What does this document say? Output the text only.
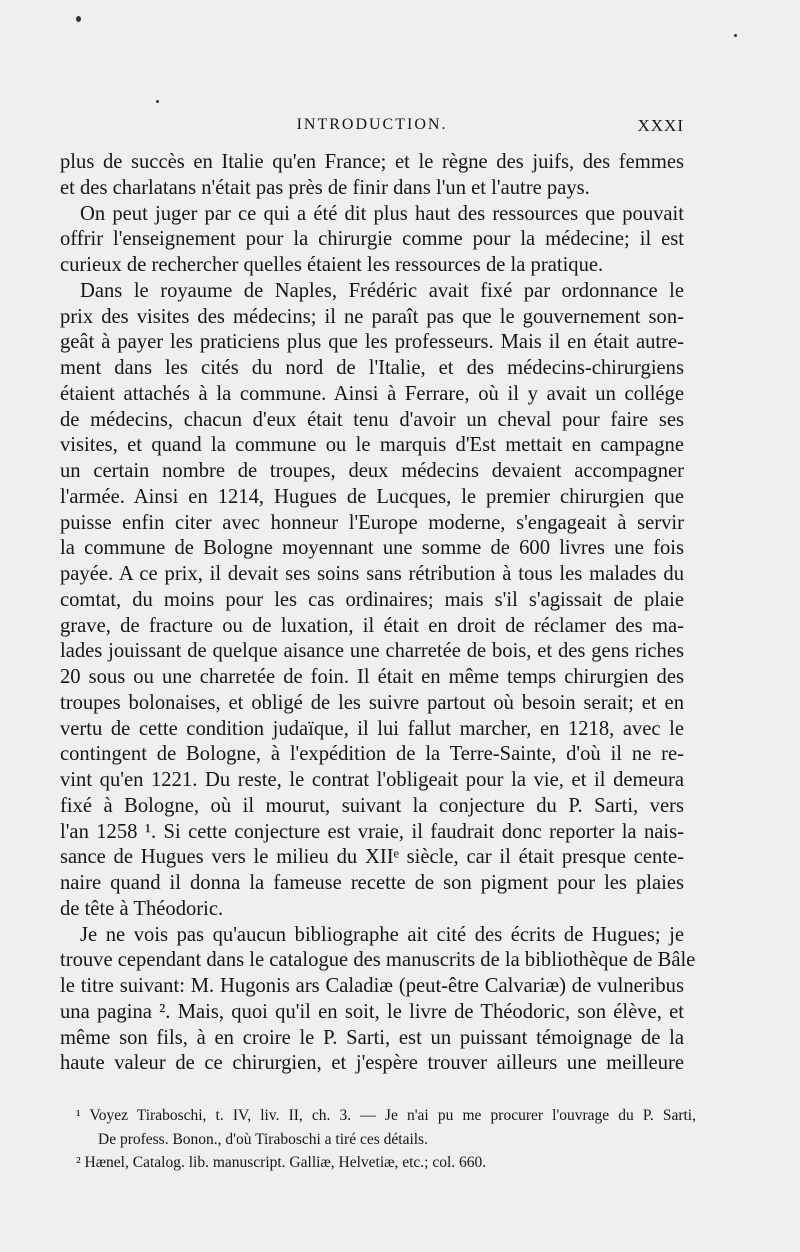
INTRODUCTION.	XXXI
plus de succès en Italie qu'en France; et le règne des juifs, des femmes
et des charlatans n'était pas près de finir dans l'un et l'autre pays.
On peut juger par ce qui a été dit plus haut des ressources que pouvait
offrir l'enseignement pour la chirurgie comme pour la médecine; il est
curieux de rechercher quelles étaient les ressources de la pratique.
Dans le royaume de Naples, Frédéric avait fixé par ordonnance le
prix des visites des médecins; il ne paraît pas que le gouvernement son-
geât à payer les praticiens plus que les professeurs. Mais il en était autre-
ment dans les cités du nord de l'Italie, et des médecins-chirurgiens
étaient attachés à la commune. Ainsi à Ferrare, où il y avait un collége
de médecins, chacun d'eux était tenu d'avoir un cheval pour faire ses
visites, et quand la commune ou le marquis d'Est mettait en campagne
un certain nombre de troupes, deux médecins devaient accompagner
l'armée. Ainsi en 1214, Hugues de Lucques, le premier chirurgien que
puisse enfin citer avec honneur l'Europe moderne, s'engageait à servir
la commune de Bologne moyennant une somme de 600 livres une fois
payée. A ce prix, il devait ses soins sans rétribution à tous les malades du
comtat, du moins pour les cas ordinaires; mais s'il s'agissait de plaie
grave, de fracture ou de luxation, il était en droit de réclamer des ma-
lades jouissant de quelque aisance une charretée de bois, et des gens riches
20 sous ou une charretée de foin. Il était en même temps chirurgien des
troupes bolonaises, et obligé de les suivre partout où besoin serait; et en
vertu de cette condition judaïque, il lui fallut marcher, en 1218, avec le
contingent de Bologne, à l'expédition de la Terre-Sainte, d'où il ne re-
vint qu'en 1221. Du reste, le contrat l'obligeait pour la vie, et il demeura
fixé à Bologne, où il mourut, suivant la conjecture du P. Sarti, vers
l'an 1258 ¹. Si cette conjecture est vraie, il faudrait donc reporter la nais-
sance de Hugues vers le milieu du XIIᵉ siècle, car il était presque cente-
naire quand il donna la fameuse recette de son pigment pour les plaies
de tête à Théodoric.
Je ne vois pas qu'aucun bibliographe ait cité des écrits de Hugues; je
trouve cependant dans le catalogue des manuscrits de la bibliothèque de Bâle
le titre suivant: M. Hugonis ars Caladiæ (peut-être Calvariæ) de vulneribus
una pagina ². Mais, quoi qu'il en soit, le livre de Théodoric, son élève, et
même son fils, à en croire le P. Sarti, est un puissant témoignage de la
haute valeur de ce chirurgien, et j'espère trouver ailleurs une meilleure
¹ Voyez Tiraboschi, t. IV, liv. II, ch. 3. — Je n'ai pu me procurer l'ouvrage du P. Sarti,
De profess. Bonon., d'où Tiraboschi a tiré ces détails.
² Hænel, Catalog. lib. manuscript. Galliæ, Helvetiæ, etc.; col. 660.
